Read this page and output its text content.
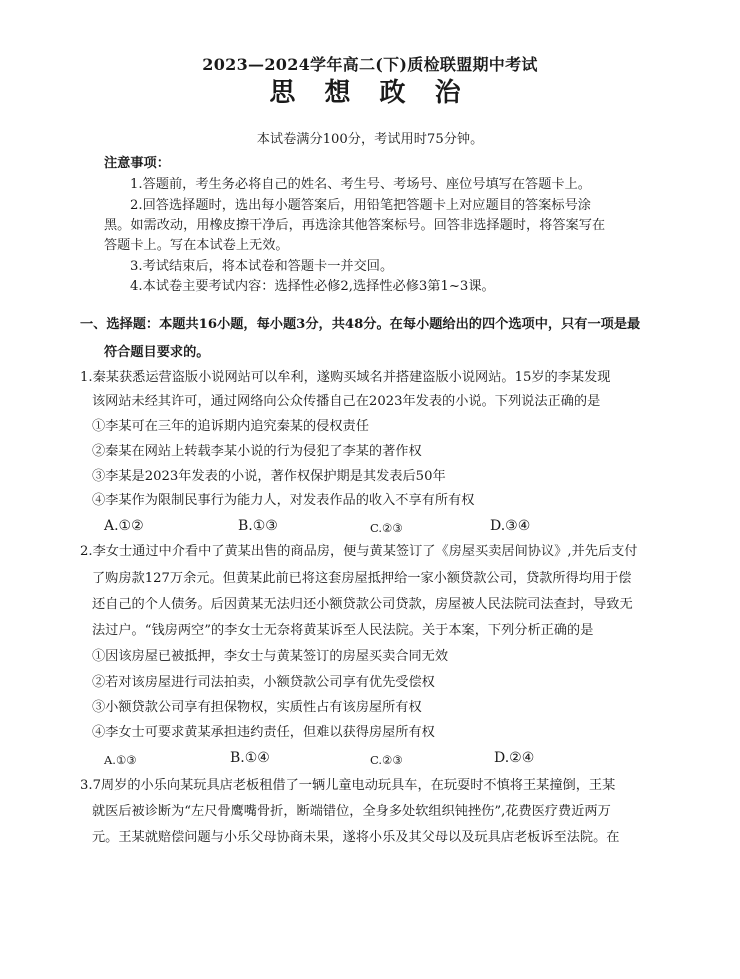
2023—2024学年高二(下)质检联盟期中考试
思 想 政 治
本试卷满分100分，考试用时75分钟。
注意事项：
1.答题前，考生务必将自己的姓名、考生号、考场号、座位号填写在答题卡上。
2.回答选择题时，选出每小题答案后，用铅笔把答题卡上对应题目的答案标号涂
黑。如需改动，用橡皮擦干净后，再选涂其他答案标号。回答非选择题时，将答案写在
答题卡上。写在本试卷上无效。
3.考试结束后，将本试卷和答题卡一并交回。
4.本试卷主要考试内容：选择性必修2,选择性必修3第1~3课。
一、选择题：本题共16小题，每小题3分，共48分。在每小题给出的四个选项中，只有一项是最
符合题目要求的。
1.秦某获悉运营盗版小说网站可以牟利，遂购买域名并搭建盗版小说网站。15岁的李某发现
该网站未经其许可，通过网络向公众传播自己在2023年发表的小说。下列说法正确的是
①李某可在三年的追诉期内追究秦某的侵权责任
②秦某在网站上转载李某小说的行为侵犯了李某的著作权
③李某是2023年发表的小说，著作权保护期是其发表后50年
④李某作为限制民事行为能力人，对发表作品的收入不享有所有权
A.①②	B.①③	C.②③	D.③④
2.李女士通过中介看中了黄某出售的商品房，便与黄某签订了《房屋买卖居间协议》,并先后支付
了购房款127万余元。但黄某此前已将这套房屋抵押给一家小额贷款公司，贷款所得均用于偿
还自己的个人债务。后因黄某无法归还小额贷款公司贷款，房屋被人民法院司法查封，导致无
法过户。“钱房两空”的李女士无奈将黄某诉至人民法院。关于本案，下列分析正确的是
①因该房屋已被抵押，李女士与黄某签订的房屋买卖合同无效
②若对该房屋进行司法拍卖，小额贷款公司享有优先受偿权
③小额贷款公司享有担保物权，实质性占有该房屋所有权
④李女士可要求黄某承担违约责任，但难以获得房屋所有权
A.①③	B.①④	C.②③	D.②④
3.7周岁的小乐向某玩具店老板租借了一辆儿童电动玩具车，在玩耍时不慎将王某撞倒，王某
就医后被诊断为“左尺骨鹰嘴骨折，断端错位，全身多处软组织钝挫伤”,花费医疗费近两万
元。王某就赔偿问题与小乐父母协商未果，遂将小乐及其父母以及玩具店老板诉至法院。在
